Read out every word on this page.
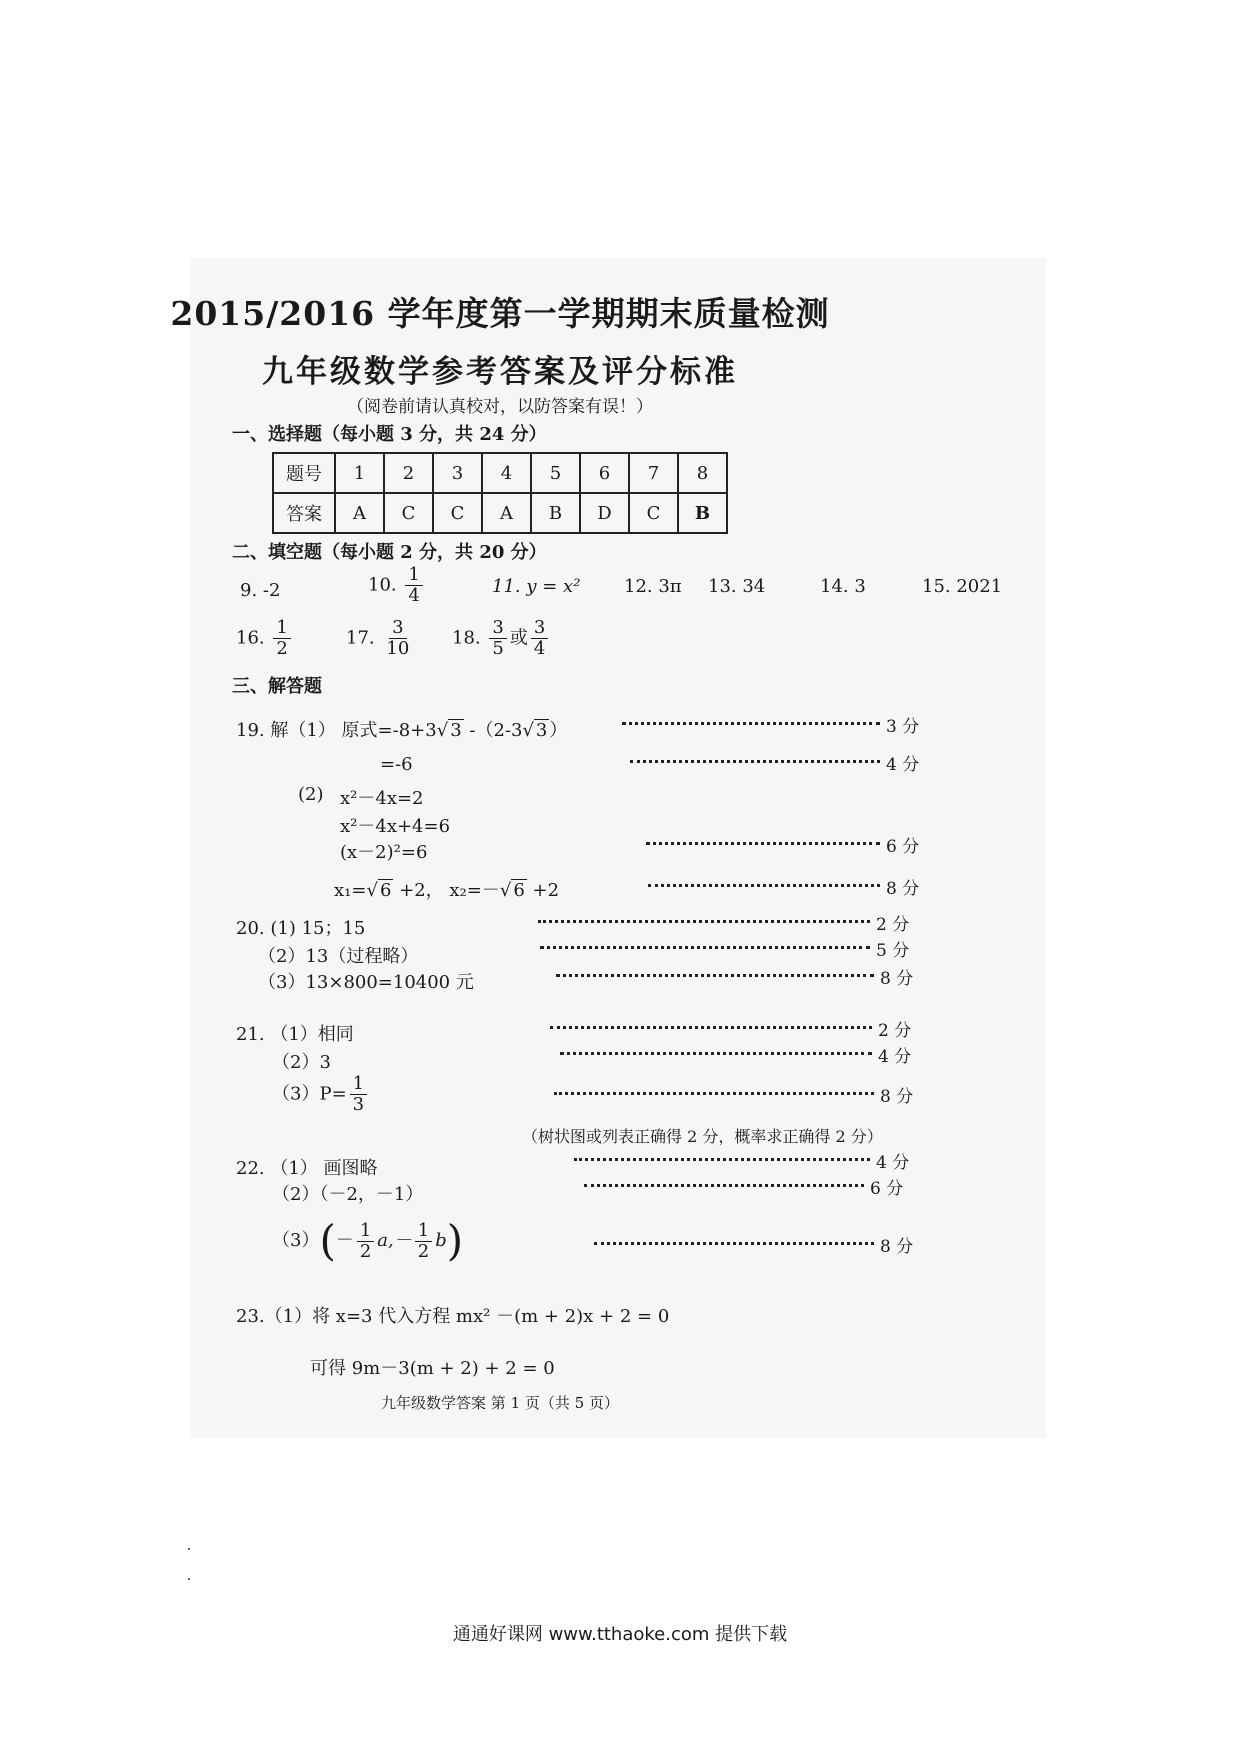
2015/2016 学年度第一学期期末质量检测
九年级数学参考答案及评分标准
（阅卷前请认真校对，以防答案有误！）
一、选择题（每小题 3 分，共 24 分）
题号	1	2	3	4	5	6	7	8
答案	A	C	C	A	B	D	C	B
二、填空题（每小题 2 分，共 20 分）
9. -2	10. $\frac{1}{4}$	11. y = x² 12. 3π 13. 34	14. 3	15. 2021
16. $\frac{1}{2}$	17. $\frac{3}{10} 18$. $\frac{3}{5}$ 或 $\frac{3}{4}$
三、解答题
19. 解（1） 原式=-8+3√ 3 -（2-3√ 3 ）	3 分
=-6	4 分
(2) x²－4x=2
x²－4x+4=6
(x－2)²=6	6 分
x₁=√ 6 +2， x₂=－√ 6 +2	8 分
20. (1) 15；15	2 分
（2）13（过程略）	5 分
（3）13×800=10400 元	8 分
21. （1）相同	2 分
（2）3	4 分
$(3)P= \frac{1}{3}$	8 分
（树状图或列表正确得 2 分，概率求正确得 2 分）
22. （1） 画图略	4 分
（2）（－2，－1）	6 分
$(3)(- \frac{1}{2} a,- \frac{1}{2} b)$	8 分
23.（1）将 x=3 代入方程 mx² －(m + 2)x + 2 = 0
可得 9m－3(m + 2) + 2 = 0
九年级数学答案 第 1 页（共 5 页）
通通好课网 www.tthaoke.com 提供下载
